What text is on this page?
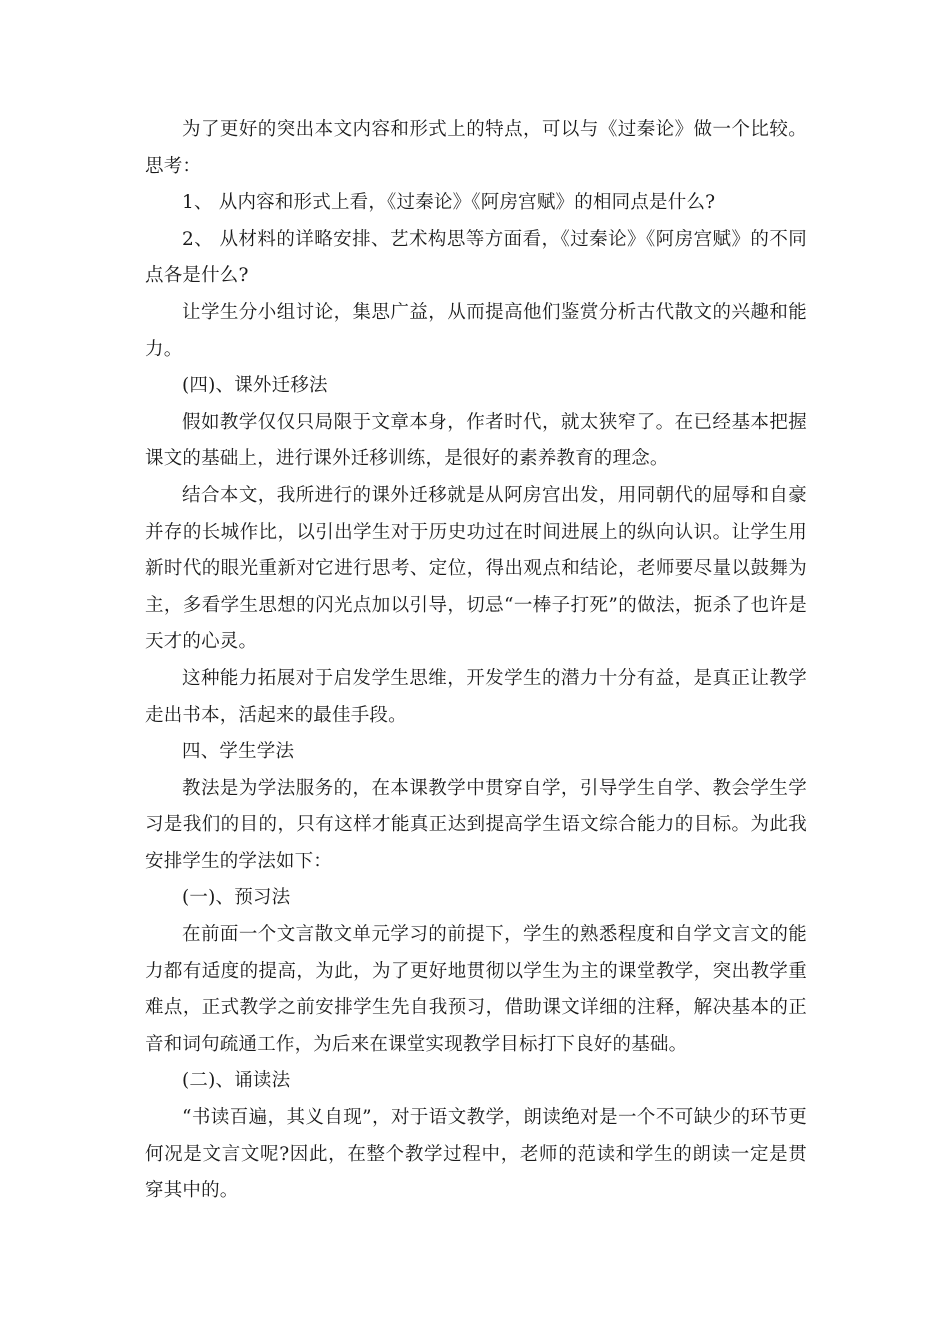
为了更好的突出本文内容和形式上的特点，可以与《过秦论》做一个比较。思考：

1、 从内容和形式上看，《过秦论》《阿房宫赋》的相同点是什么?

2、 从材料的详略安排、艺术构思等方面看，《过秦论》《阿房宫赋》的不同点各是什么?

让学生分小组讨论，集思广益，从而提高他们鉴赏分析古代散文的兴趣和能力。

(四)、课外迁移法

假如教学仅仅只局限于文章本身，作者时代，就太狭窄了。在已经基本把握课文的基础上，进行课外迁移训练，是很好的素养教育的理念。

结合本文，我所进行的课外迁移就是从阿房宫出发，用同朝代的屈辱和自豪并存的长城作比，以引出学生对于历史功过在时间进展上的纵向认识。让学生用新时代的眼光重新对它进行思考、定位，得出观点和结论，老师要尽量以鼓舞为主，多看学生思想的闪光点加以引导，切忌“一棒子打死”的做法，扼杀了也许是天才的心灵。

这种能力拓展对于启发学生思维，开发学生的潜力十分有益，是真正让教学走出书本，活起来的最佳手段。

四、学生学法

教法是为学法服务的，在本课教学中贯穿自学，引导学生自学、教会学生学习是我们的目的，只有这样才能真正达到提高学生语文综合能力的目标。为此我安排学生的学法如下：

(一)、预习法

在前面一个文言散文单元学习的前提下，学生的熟悉程度和自学文言文的能力都有适度的提高，为此，为了更好地贯彻以学生为主的课堂教学，突出教学重难点，正式教学之前安排学生先自我预习，借助课文详细的注释，解决基本的正音和词句疏通工作，为后来在课堂实现教学目标打下良好的基础。

(二)、诵读法

“书读百遍，其义自现”，对于语文教学，朗读绝对是一个不可缺少的环节更何况是文言文呢?因此，在整个教学过程中，老师的范读和学生的朗读一定是贯穿其中的。
